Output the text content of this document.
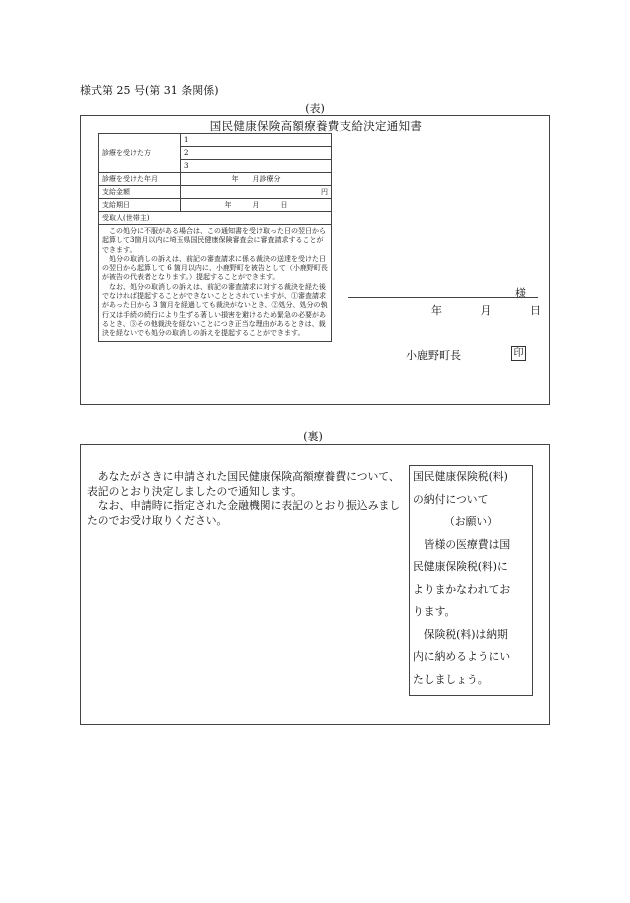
様式第 25 号(第 31 条関係)
(表)
国民健康保険高額療養費支給決定通知書
診療を受けた方	1
	2
	3
診療を受けた年月	年　　月診療分
支給金額	円
支給期日	年　　　月　　　日
受取人(世帯主)	

この処分に不服がある場合は、この通知書を受け取った日の翌日から起算して3箇月以内に埼玉県国民健康保険審査会に審査請求することができます。

処分の取消しの訴えは、前記の審査請求に係る裁決の送達を受けた日の翌日から起算して 6 箇月以内に、小鹿野町を被告として（小鹿野町長が被告の代表者となります。）提起することができます。

なお、処分の取消しの訴えは、前記の審査請求に対する裁決を経た後でなければ提起することができないこととされていますが、①審査請求があった日から 3 箇月を経過しても裁決がないとき、②処分、処分の執行又は手続の続行により生ずる著しい損害を避けるため緊急の必要があるとき、③その他裁決を経ないことにつき正当な理由があるときは、裁決を経ないでも処分の取消しの訴えを提起することができます。	

様
年	月	日
小鹿野町長	印
(裏)

あなたがさきに申請された国民健康保険高額療養費について、表記のとおり決定しましたので通知します。

なお、申請時に指定された金融機関に表記のとおり振込みましたのでお受け取りください。

国民健康保険税(料)
の納付について
（お願い）
皆様の医療費は国
民健康保険税(料)に
よりまかなわれてお
ります。
保険税(料)は納期
内に納めるようにい
たしましょう。
